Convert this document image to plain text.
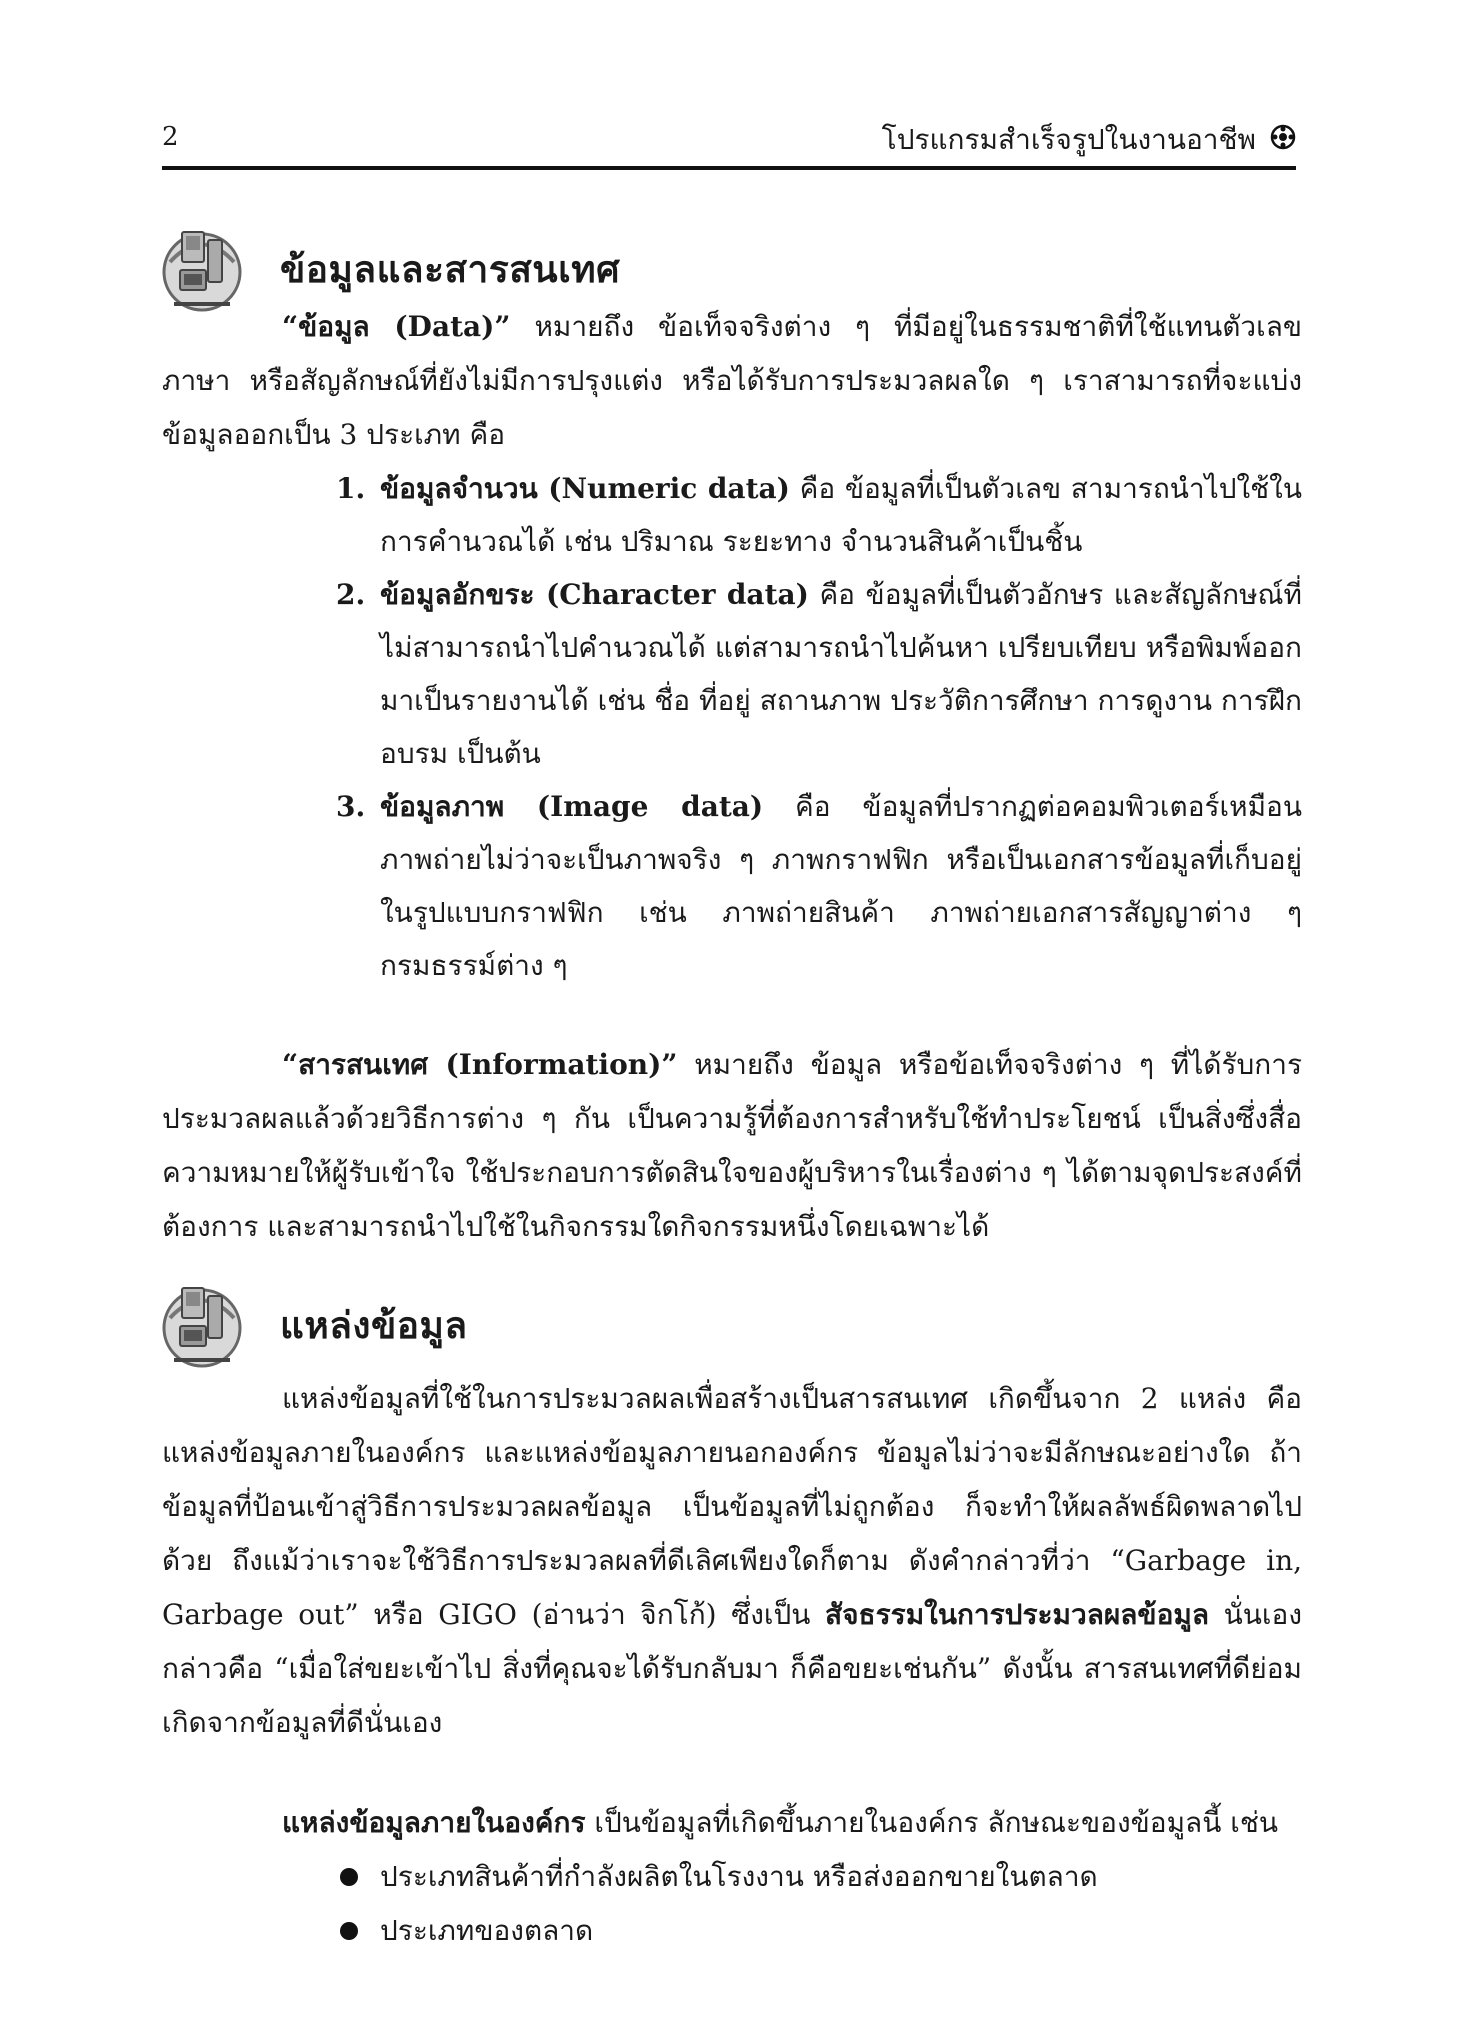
2	โปรแกรมสำเร็จรูปในงานอาชีพ
ข้อมูลและสารสนเทศ

“ข้อมูล (Data)” หมายถึง ข้อเท็จจริงต่าง ๆ ที่มีอยู่ในธรรมชาติที่ใช้แทนตัวเลข ภาษา หรือสัญลักษณ์ที่ยังไม่มีการปรุงแต่ง หรือได้รับการประมวลผลใด ๆ เราสามารถที่จะแบ่งข้อมูลออกเป็น 3 ประเภท คือ

1. ข้อมูลจำนวน (Numeric data) คือ ข้อมูลที่เป็นตัวเลข สามารถนำไปใช้ในการคำนวณได้ เช่น ปริมาณ ระยะทาง จำนวนสินค้าเป็นชิ้น
2. ข้อมูลอักขระ (Character data) คือ ข้อมูลที่เป็นตัวอักษร และสัญลักษณ์ที่ไม่สามารถนำไปคำนวณได้ แต่สามารถนำไปค้นหา เปรียบเทียบ หรือพิมพ์ออกมาเป็นรายงานได้ เช่น ชื่อ ที่อยู่ สถานภาพ ประวัติการศึกษา การดูงาน การฝึกอบรม เป็นต้น
3. ข้อมูลภาพ (Image data) คือ ข้อมูลที่ปรากฏต่อคอมพิวเตอร์เหมือนภาพถ่ายไม่ว่าจะเป็นภาพจริง ๆ ภาพกราฟฟิก หรือเป็นเอกสารข้อมูลที่เก็บอยู่ในรูปแบบกราฟฟิก เช่น ภาพถ่ายสินค้า ภาพถ่ายเอกสารสัญญาต่าง ๆ กรมธรรม์ต่าง ๆ

“สารสนเทศ (Information)” หมายถึง ข้อมูล หรือข้อเท็จจริงต่าง ๆ ที่ได้รับการประมวลผลแล้วด้วยวิธีการต่าง ๆ กัน เป็นความรู้ที่ต้องการสำหรับใช้ทำประโยชน์ เป็นสิ่งซึ่งสื่อความหมายให้ผู้รับเข้าใจ ใช้ประกอบการตัดสินใจของผู้บริหารในเรื่องต่าง ๆ ได้ตามจุดประสงค์ที่ต้องการ และสามารถนำไปใช้ในกิจกรรมใดกิจกรรมหนึ่งโดยเฉพาะได้

แหล่งข้อมูล

แหล่งข้อมูลที่ใช้ในการประมวลผลเพื่อสร้างเป็นสารสนเทศ เกิดขึ้นจาก 2 แหล่ง คือ แหล่งข้อมูลภายในองค์กร และแหล่งข้อมูลภายนอกองค์กร ข้อมูลไม่ว่าจะมีลักษณะอย่างใด ถ้าข้อมูลที่ป้อนเข้าสู่วิธีการประมวลผลข้อมูล เป็นข้อมูลที่ไม่ถูกต้อง ก็จะทำให้ผลลัพธ์ผิดพลาดไปด้วย ถึงแม้ว่าเราจะใช้วิธีการประมวลผลที่ดีเลิศเพียงใดก็ตาม ดังคำกล่าวที่ว่า “Garbage in, Garbage out” หรือ GIGO (อ่านว่า จิกโก้) ซึ่งเป็น สัจธรรมในการประมวลผลข้อมูล นั่นเอง กล่าวคือ “เมื่อใส่ขยะเข้าไป สิ่งที่คุณจะได้รับกลับมา ก็คือขยะเช่นกัน” ดังนั้น สารสนเทศที่ดีย่อมเกิดจากข้อมูลที่ดีนั่นเอง

แหล่งข้อมูลภายในองค์กร เป็นข้อมูลที่เกิดขึ้นภายในองค์กร ลักษณะของข้อมูลนี้ เช่น

ประเภทสินค้าที่กำลังผลิตในโรงงาน หรือส่งออกขายในตลาด
ประเภทของตลาด
